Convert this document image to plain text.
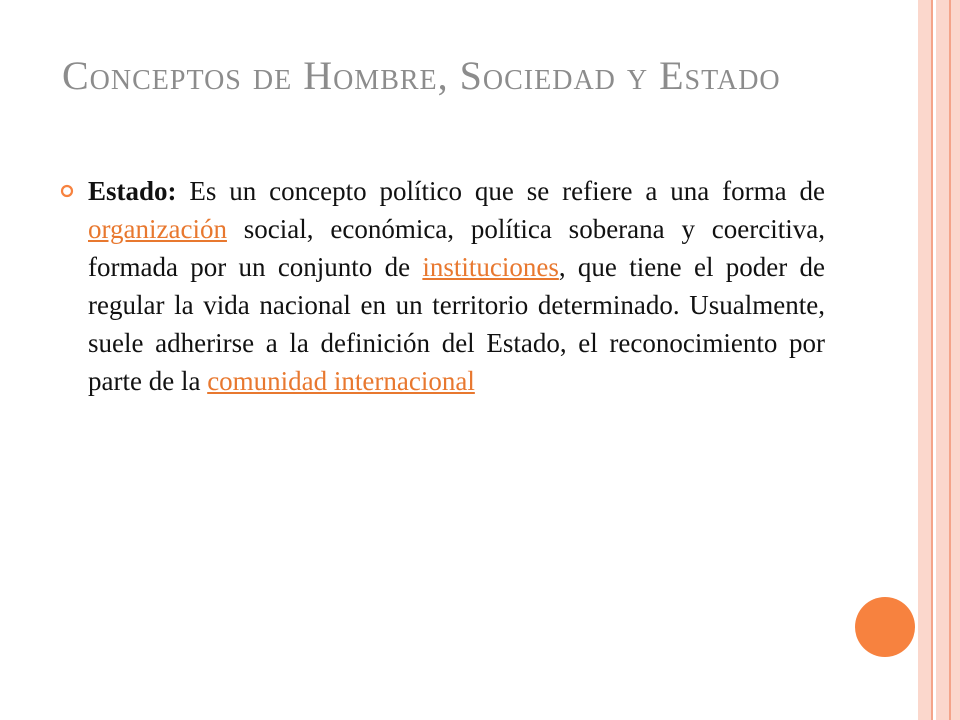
Conceptos de Hombre, Sociedad y Estado

Estado: Es un concepto político que se refiere a una forma de organización social, económica, política soberana y coercitiva, formada por un conjunto de instituciones, que tiene el poder de regular la vida nacional en un territorio determinado. Usualmente, suele adherirse a la definición del Estado, el reconocimiento por parte de la comunidad internacional
